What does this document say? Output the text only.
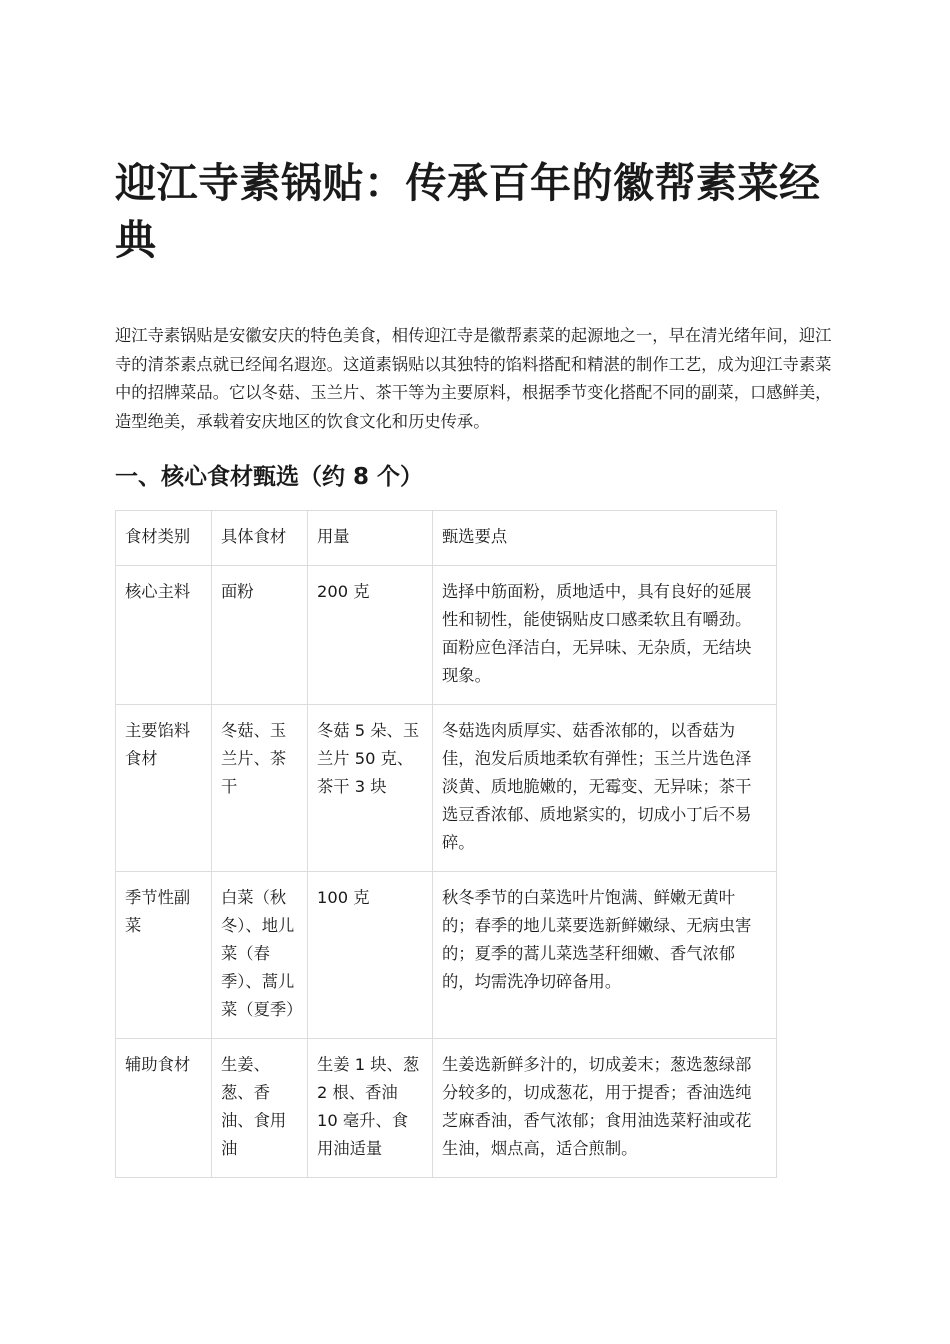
迎江寺素锅贴：传承百年的徽帮素菜经典

迎江寺素锅贴是安徽安庆的特色美食，相传迎江寺是徽帮素菜的起源地之一，早在清光绪年间，迎江寺的清茶素点就已经闻名遐迩。这道素锅贴以其独特的馅料搭配和精湛的制作工艺，成为迎江寺素菜中的招牌菜品。它以冬菇、玉兰片、茶干等为主要原料，根据季节变化搭配不同的副菜，口感鲜美，造型绝美，承载着安庆地区的饮食文化和历史传承。

一、核心食材甄选（约 8 个）
食材类别	具体食材	用量	甄选要点
核心主料	面粉	200 克	选择中筋面粉，质地适中，具有良好的延展性和韧性，能使锅贴皮口感柔软且有嚼劲。面粉应色泽洁白，无异味、无杂质，无结块现象。
主要馅料食材	冬菇、玉兰片、茶干	冬菇 5 朵、玉兰片 50 克、茶干 3 块	冬菇选肉质厚实、菇香浓郁的，以香菇为佳，泡发后质地柔软有弹性；玉兰片选色泽淡黄、质地脆嫩的，无霉变、无异味；茶干选豆香浓郁、质地紧实的，切成小丁后不易碎。
季节性副菜	白菜（秋冬）、地儿菜（春季）、蒿儿菜（夏季）	100 克	秋冬季节的白菜选叶片饱满、鲜嫩无黄叶的；春季的地儿菜要选新鲜嫩绿、无病虫害的；夏季的蒿儿菜选茎秆细嫩、香气浓郁的，均需洗净切碎备用。
辅助食材	生姜、葱、香油、食用油	生姜 1 块、葱 2 根、香油 10 毫升、食用油适量	生姜选新鲜多汁的，切成姜末；葱选葱绿部分较多的，切成葱花，用于提香；香油选纯芝麻香油，香气浓郁；食用油选菜籽油或花生油，烟点高，适合煎制。
